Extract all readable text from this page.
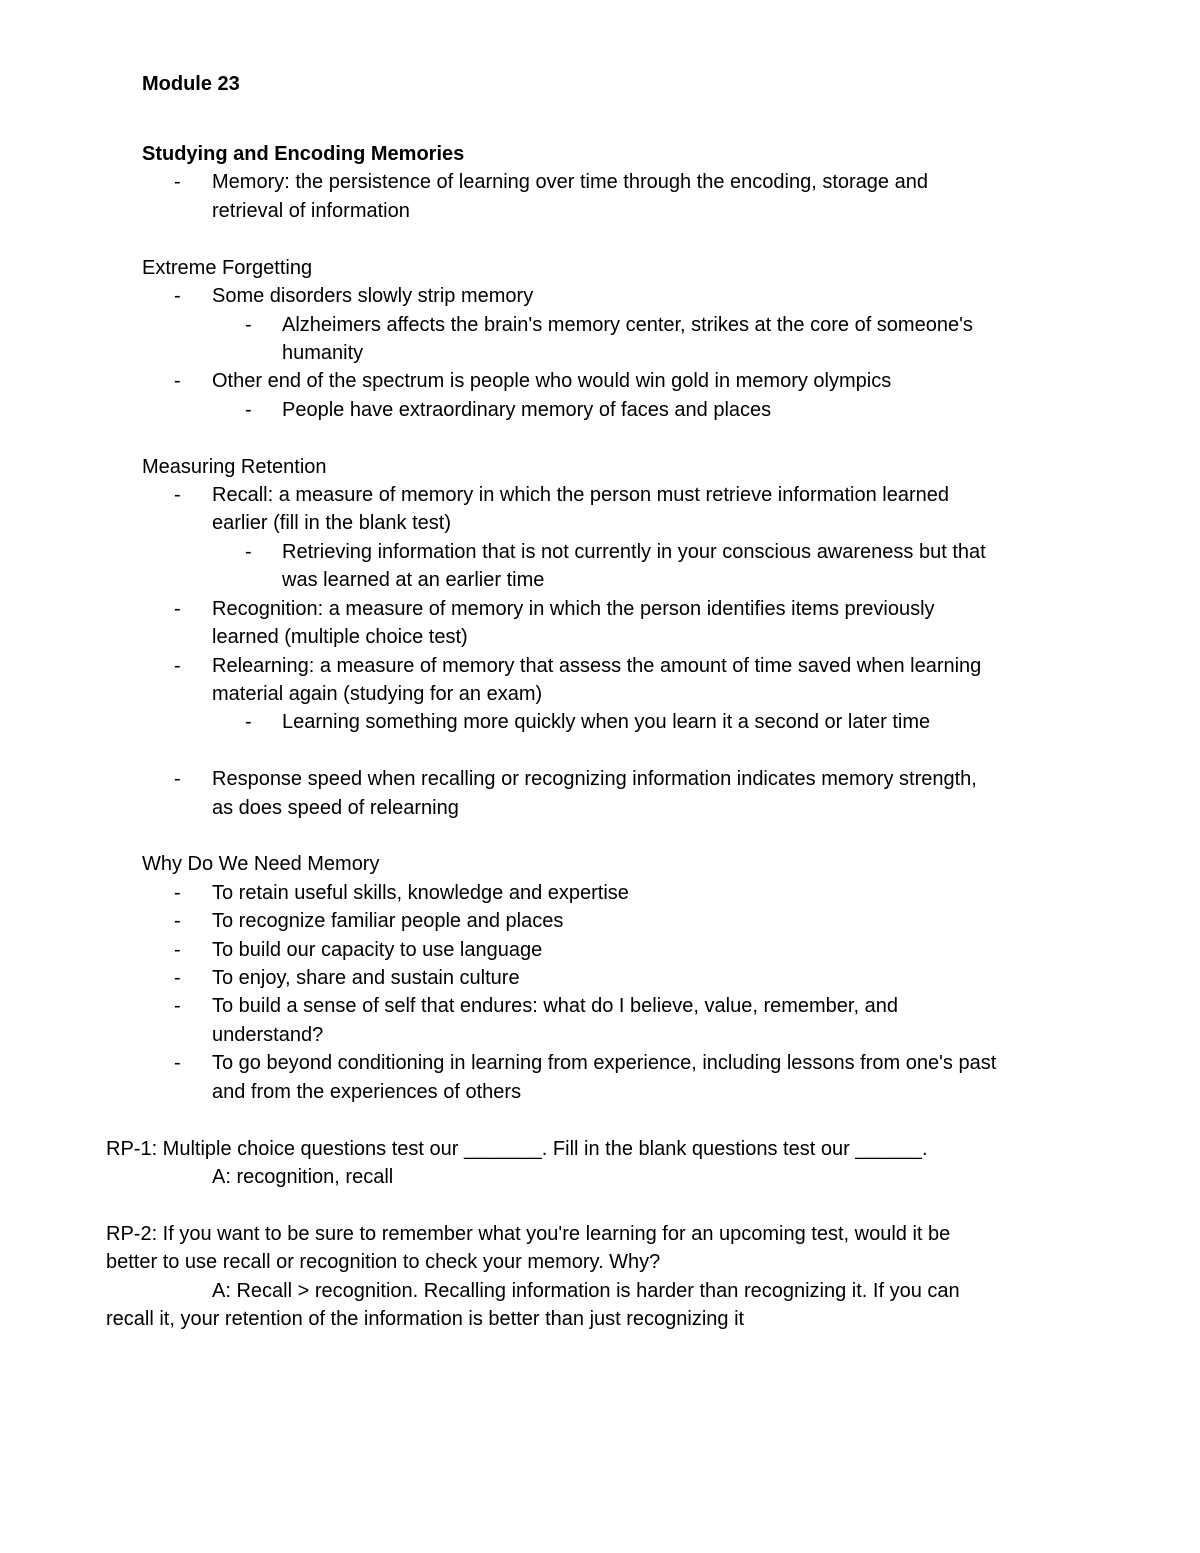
Module 23
Studying and Encoding Memories
- Memory: the persistence of learning over time through the encoding, storage and
retrieval of information
Extreme Forgetting
- Some disorders slowly strip memory
- Alzheimers affects the brain's memory center, strikes at the core of someone's
humanity
- Other end of the spectrum is people who would win gold in memory olympics
- People have extraordinary memory of faces and places
Measuring Retention
- Recall: a measure of memory in which the person must retrieve information learned
earlier (fill in the blank test)
- Retrieving information that is not currently in your conscious awareness but that
was learned at an earlier time
- Recognition: a measure of memory in which the person identifies items previously
learned (multiple choice test)
- Relearning: a measure of memory that assess the amount of time saved when learning
material again (studying for an exam)
- Learning something more quickly when you learn it a second or later time
- Response speed when recalling or recognizing information indicates memory strength,
as does speed of relearning
Why Do We Need Memory
- To retain useful skills, knowledge and expertise
- To recognize familiar people and places
- To build our capacity to use language
- To enjoy, share and sustain culture
- To build a sense of self that endures: what do I believe, value, remember, and
understand?
- To go beyond conditioning in learning from experience, including lessons from one's past
and from the experiences of others
RP-1: Multiple choice questions test our _______. Fill in the blank questions test our ______.
A: recognition, recall
RP-2: If you want to be sure to remember what you're learning for an upcoming test, would it be
better to use recall or recognition to check your memory. Why?
A: Recall > recognition. Recalling information is harder than recognizing it. If you can
recall it, your retention of the information is better than just recognizing it
